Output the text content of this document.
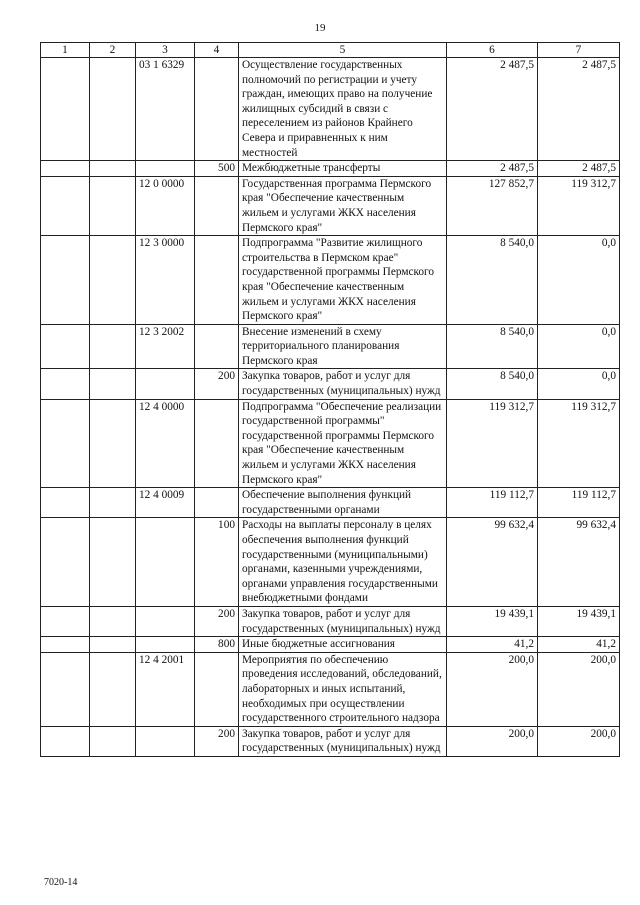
19
1	2	3	4	5	6	7
		03 1 6329		Осуществление государственных полномочий по регистрации и учету граждан, имеющих право на получение жилищных субсидий в связи с переселением из районов Крайнего Севера и приравненных к ним местностей	2 487,5	2 487,5
			500	Межбюджетные трансферты	2 487,5	2 487,5
		12 0 0000		Государственная программа Пермского края "Обеспечение качественным жильем и услугами ЖКХ населения Пермского края"	127 852,7	119 312,7
		12 3 0000		Подпрограмма "Развитие жилищного строительства в Пермском крае" государственной программы Пермского края "Обеспечение качественным жильем и услугами ЖКХ населения Пермского края"	8 540,0	0,0
		12 3 2002		Внесение изменений в схему территориального планирования Пермского края	8 540,0	0,0
			200	Закупка товаров, работ и услуг для государственных (муниципальных) нужд	8 540,0	0,0
		12 4 0000		Подпрограмма "Обеспечение реализации государственной программы" государственной программы Пермского края "Обеспечение качественным жильем и услугами ЖКХ населения Пермского края"	119 312,7	119 312,7
		12 4 0009		Обеспечение выполнения функций государственными органами	119 112,7	119 112,7
			100	Расходы на выплаты персоналу в целях обеспечения выполнения функций государственными (муниципальными) органами, казенными учреждениями, органами управления государственными внебюджетными фондами	99 632,4	99 632,4
			200	Закупка товаров, работ и услуг для государственных (муниципальных) нужд	19 439,1	19 439,1
			800	Иные бюджетные ассигнования	41,2	41,2
		12 4 2001		Мероприятия по обеспечению проведения исследований, обследований, лабораторных и иных испытаний, необходимых при осуществлении государственного строительного надзора	200,0	200,0
			200	Закупка товаров, работ и услуг для государственных (муниципальных) нужд	200,0	200,0
7020-14
